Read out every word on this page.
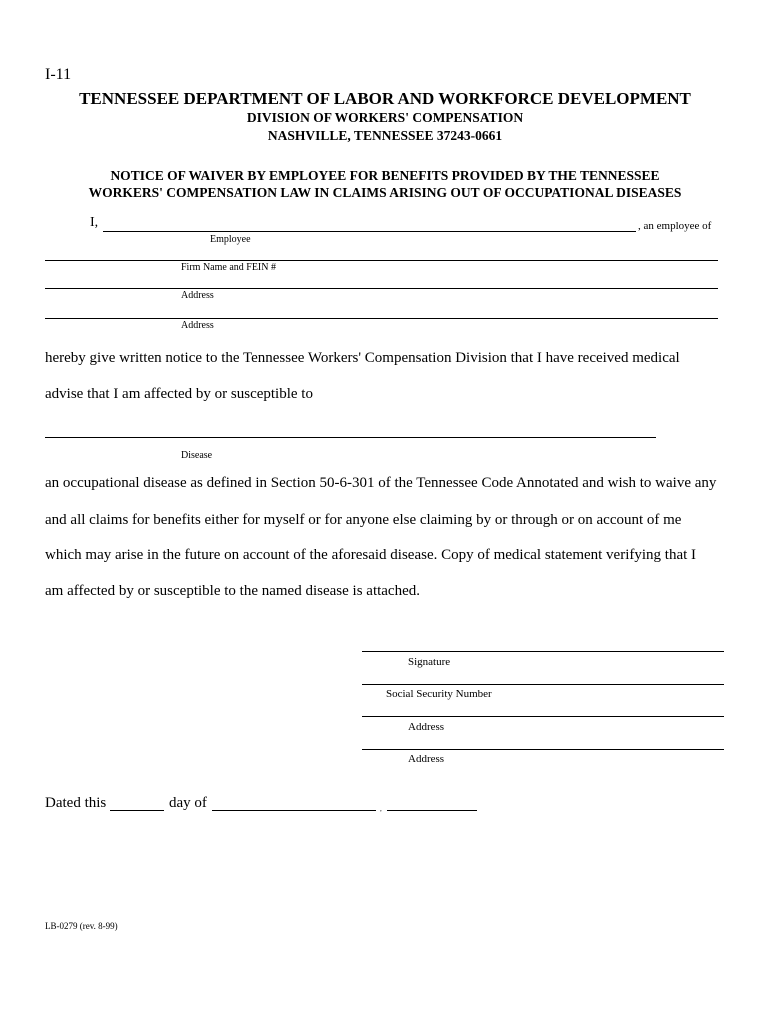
I-11
TENNESSEE DEPARTMENT OF LABOR AND WORKFORCE DEVELOPMENT
DIVISION OF WORKERS' COMPENSATION
NASHVILLE, TENNESSEE 37243-0661
NOTICE OF WAIVER BY EMPLOYEE FOR BENEFITS PROVIDED BY THE TENNESSEE
WORKERS' COMPENSATION LAW IN CLAIMS ARISING OUT OF OCCUPATIONAL DISEASES
I,	, an employee of
Employee
Firm Name and FEIN #
Address
Address
hereby give written notice to the Tennessee Workers' Compensation Division that I have received medical
advise that I am affected by or susceptible to
Disease
an occupational disease as defined in Section 50-6-301 of the Tennessee Code Annotated and wish to waive any
and all claims for benefits either for myself or for anyone else claiming by or through or on account of me
which may arise in the future on account of the aforesaid disease. Copy of medical statement verifying that I
am affected by or susceptible to the named disease is attached.
Signature
Social Security Number
Address
Address
Dated this	day of	,
LB-0279 (rev. 8-99)
